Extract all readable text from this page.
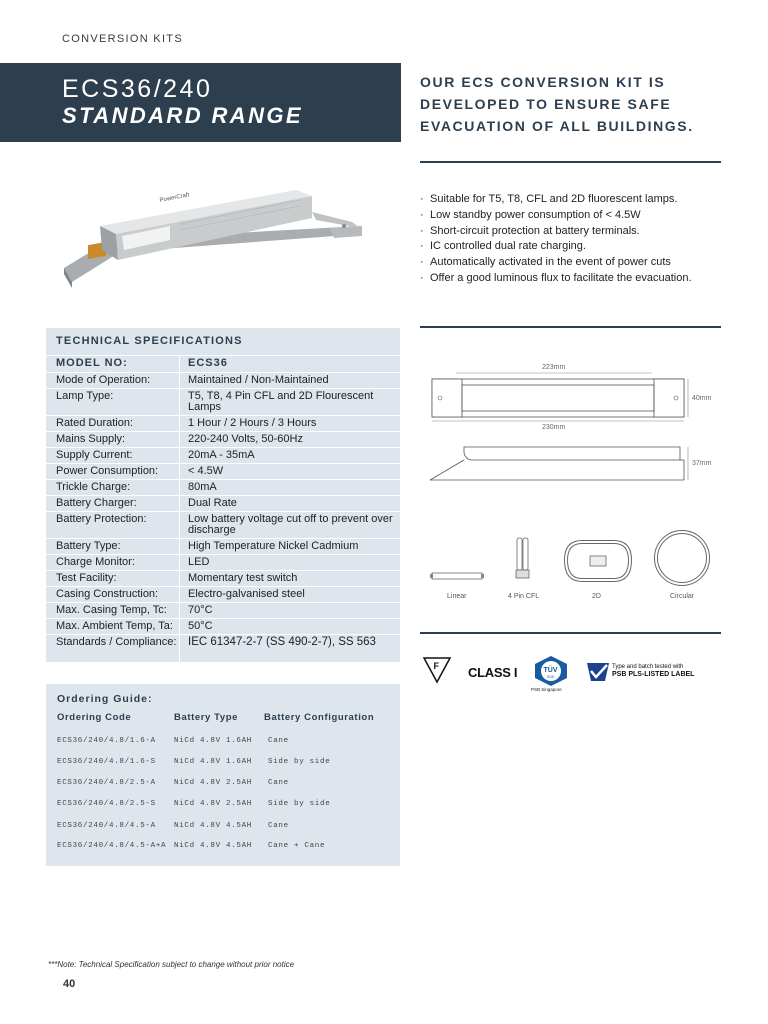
CONVERSION KITS
ECS36/240
STANDARD RANGE
OUR ECS CONVERSION KIT IS
DEVELOPED TO ENSURE SAFE
EVACUATION OF ALL BUILDINGS.
PowerCraft
·	Suitable for T5, T8, CFL and 2D fluorescent lamps.
· Low standby power consumption of < 4.5W
· Short-circuit protection at battery terminals.
· IC controlled dual rate charging.
· Automatically activated in the event of power cuts
· Offer a good luminous flux to facilitate the evacuation.
TECHNICAL SPECIFICATIONS
MODEL NO:	ECS36
Mode of Operation:	Maintained / Non-Maintained
Lamp Type:	T5, T8, 4 Pin CFL and 2D Flourescent Lamps
Rated Duration:	1 Hour / 2 Hours / 3 Hours
Mains Supply:	220-240 Volts, 50-60Hz
Supply Current:	20mA - 35mA
Power Consumption:	< 4.5W
Trickle Charge:	80mA
Battery Charger:	Dual Rate
Battery Protection:	Low battery voltage cut off to prevent over discharge
Battery Type:	High Temperature Nickel Cadmium
Charge Monitor:	LED
Test Facility:	Momentary test switch
Casing Construction:	Electro-galvanised steel
Max. Casing Temp, Tc:	70°C
Max. Ambient Temp, Ta:	50°C
Standards / Compliance:	IEC 61347-2-7 (SS 490-2-7), SS 563
223mm
40mm
230mm
37mm
Linear	4 Pin CFL	2D	Circular
F CLASS I	TÜV
SÜD
PSB Singapore
Type and batch tested with
PSB PLS-LISTED LABEL
Ordering Guide:
Ordering Code	Battery Type	Battery Configuration
ECS36/240/4.8/1.6-A NiCd 4.8V 1.6AH Cane
ECS36/240/4.8/1.6-S NiCd 4.8V 1.6AH Side by side
ECS36/240/4.8/2.5-A NiCd 4.8V 2.5AH Cane
ECS36/240/4.8/2.5-S NiCd 4.8V 2.5AH Side by side
ECS36/240/4.8/4.5-A NiCd 4.8V 4.5AH Cane
ECS36/240/4.8/4.5-A+A NiCd 4.8V 4.5AH Cane + Cane
***Note: Technical Specification subject to change without prior notice
40
